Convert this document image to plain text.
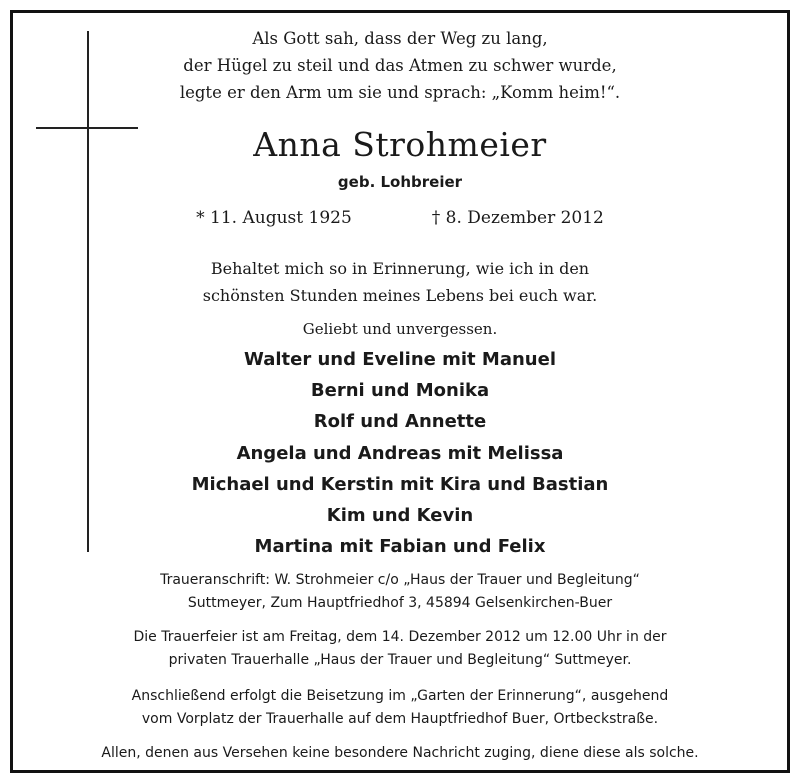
Als Gott sah, dass der Weg zu lang,
der Hügel zu steil und das Atmen zu schwer wurde,
legte er den Arm um sie und sprach: „Komm heim!“.
Anna Strohmeier
geb. Lohbreier
* 11. August 1925	† 8. Dezember 2012
Behaltet mich so in Erinnerung, wie ich in den
schönsten Stunden meines Lebens bei euch war.
Geliebt und unvergessen.
Walter und Eveline mit Manuel
Berni und Monika
Rolf und Annette
Angela und Andreas mit Melissa
Michael und Kerstin mit Kira und Bastian
Kim und Kevin
Martina mit Fabian und Felix
Traueranschrift: W. Strohmeier c/o „Haus der Trauer und Begleitung“
Suttmeyer, Zum Hauptfriedhof 3, 45894 Gelsenkirchen-Buer
Die Trauerfeier ist am Freitag, dem 14. Dezember 2012 um 12.00 Uhr in der
privaten Trauerhalle „Haus der Trauer und Begleitung“ Suttmeyer.
Anschließend erfolgt die Beisetzung im „Garten der Erinnerung“, ausgehend
vom Vorplatz der Trauerhalle auf dem Hauptfriedhof Buer, Ortbeckstraße.
Allen, denen aus Versehen keine besondere Nachricht zuging, diene diese als solche.
